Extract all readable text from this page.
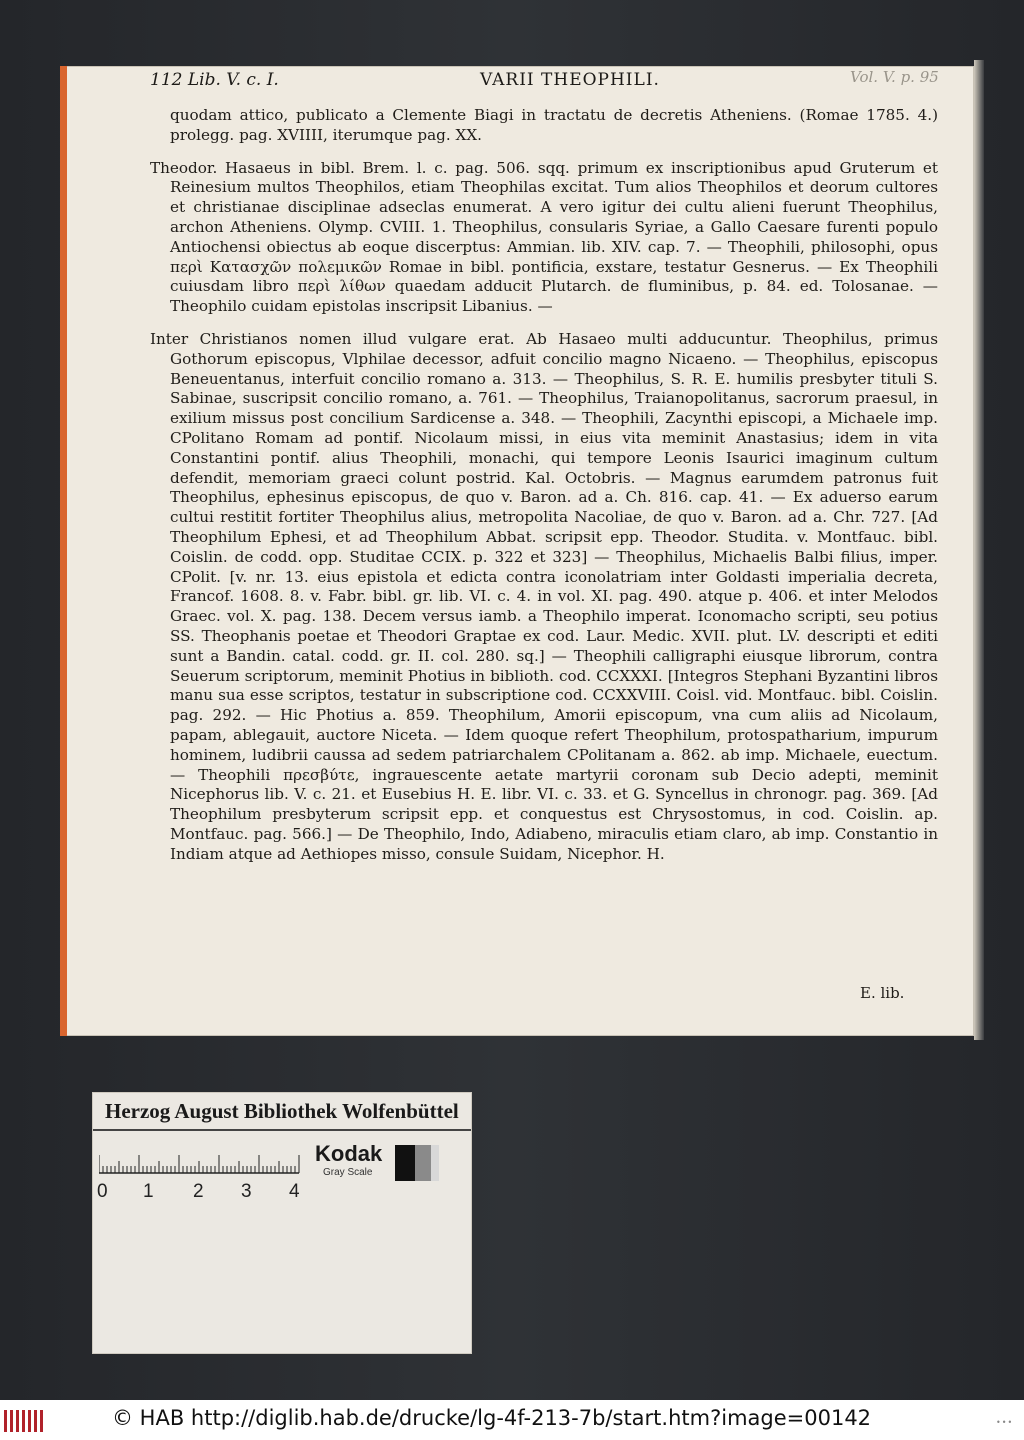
112 Lib. V. c. I.	VARII THEOPHILI.	Vol. V. p. 95

quodam attico, publicato a Clemente Biagi in tractatu de decretis Atheniens. (Romae 1785. 4.) prolegg. pag. XVIIII, iterumque pag. XX.

Theodor. Hasaeus in bibl. Brem. l. c. pag. 506. sqq. primum ex inscriptionibus apud Gruterum et Reinesium multos Theophilos, etiam Theophilas excitat. Tum alios Theophilos et deorum cultores et christianae disciplinae adseclas enumerat. A vero igitur dei cultu alieni fuerunt Theophilus, archon Atheniens. Olymp. CVIII. 1. Theophilus, consularis Syriae, a Gallo Caesare furenti populo Antiochensi obiectus ab eoque discerptus: Ammian. lib. XIV. cap. 7. — Theophili, philosophi, opus περὶ Κατασχῶν πολεμικῶν Romae in bibl. pontificia, exstare, testatur Gesnerus. — Ex Theophili cuiusdam libro περὶ λίθων quaedam adducit Plutarch. de fluminibus, p. 84. ed. Tolosanae. — Theophilo cuidam epistolas inscripsit Libanius. —

Inter Christianos nomen illud vulgare erat. Ab Hasaeo multi adducuntur. Theophilus, primus Gothorum episcopus, Vlphilae decessor, adfuit concilio magno Nicaeno. — Theophilus, episcopus Beneuentanus, interfuit concilio romano a. 313. — Theophilus, S. R. E. humilis presbyter tituli S. Sabinae, suscripsit concilio romano, a. 761. — Theophilus, Traianopolitanus, sacrorum praesul, in exilium missus post concilium Sardicense a. 348. — Theophili, Zacynthi episcopi, a Michaele imp. CPolitano Romam ad pontif. Nicolaum missi, in eius vita meminit Anastasius; idem in vita Constantini pontif. alius Theophili, monachi, qui tempore Leonis Isaurici imaginum cultum defendit, memoriam graeci colunt postrid. Kal. Octobris. — Magnus earumdem patronus fuit Theophilus, ephesinus episcopus, de quo v. Baron. ad a. Ch. 816. cap. 41. — Ex aduerso earum cultui restitit fortiter Theophilus alius, metropolita Nacoliae, de quo v. Baron. ad a. Chr. 727. [Ad Theophilum Ephesi, et ad Theophilum Abbat. scripsit epp. Theodor. Studita. v. Montfauc. bibl. Coislin. de codd. opp. Studitae CCIX. p. 322 et 323] — Theophilus, Michaelis Balbi filius, imper. CPolit. [v. nr. 13. eius epistola et edicta contra iconolatriam inter Goldasti imperialia decreta, Francof. 1608. 8. v. Fabr. bibl. gr. lib. VI. c. 4. in vol. XI. pag. 490. atque p. 406. et inter Melodos Graec. vol. X. pag. 138. Decem versus iamb. a Theophilo imperat. Iconomacho scripti, seu potius SS. Theophanis poetae et Theodori Graptae ex cod. Laur. Medic. XVII. plut. LV. descripti et editi sunt a Bandin. catal. codd. gr. II. col. 280. sq.] — Theophili calligraphi eiusque librorum, contra Seuerum scriptorum, meminit Photius in biblioth. cod. CCXXXI. [Integros Stephani Byzantini libros manu sua esse scriptos, testatur in subscriptione cod. CCXXVIII. Coisl. vid. Montfauc. bibl. Coislin. pag. 292. — Hic Photius a. 859. Theophilum, Amorii episcopum, vna cum aliis ad Nicolaum, papam, ablegauit, auctore Niceta. — Idem quoque refert Theophilum, protospatharium, impurum hominem, ludibrii caussa ad sedem patriarchalem CPolitanam a. 862. ab imp. Michaele, euectum. — Theophili πρεσβύτε, ingrauescente aetate martyrii coronam sub Decio adepti, meminit Nicephorus lib. V. c. 21. et Eusebius H. E. libr. VI. c. 33. et G. Syncellus in chronogr. pag. 369. [Ad Theophilum presbyterum scripsit epp. et conquestus est Chrysostomus, in cod. Coislin. ap. Montfauc. pag. 566.] — De Theophilo, Indo, Adiabeno, miraculis etiam claro, ab imp. Constantio in Indiam atque ad Aethiopes misso, consule Suidam, Nicephor. H.

E. lib.
Herzog August Bibliothek Wolfenbüttel
0 1 2 3 4
Kodak
Gray Scale
© HAB http://diglib.hab.de/drucke/lg-4f-213-7b/start.htm?image=00142	•••
